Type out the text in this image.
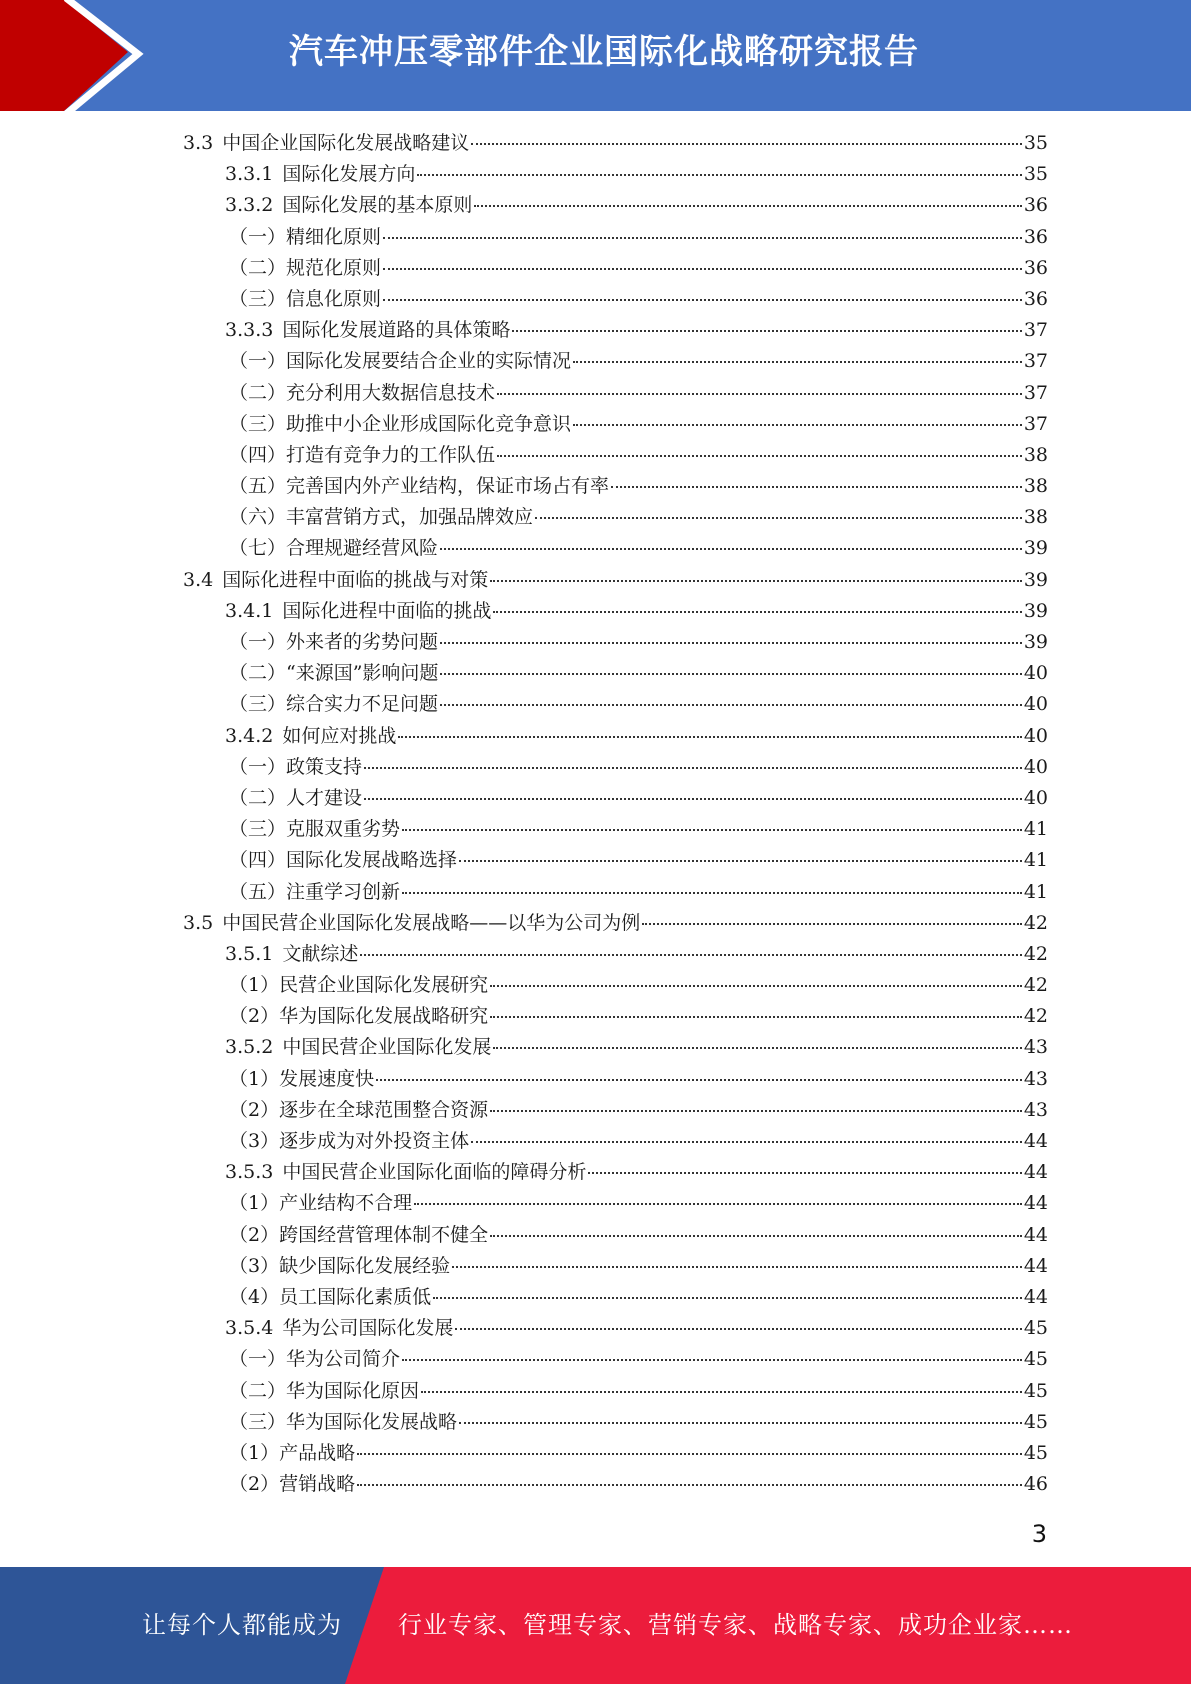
汽车冲压零部件企业国际化战略研究报告
3.3 中国企业国际化发展战略建议	35
3.3.1 国际化发展方向	35
3.3.2 国际化发展的基本原则	36
（一）精细化原则	36
（二）规范化原则	36
（三）信息化原则	36
3.3.3 国际化发展道路的具体策略	37
（一）国际化发展要结合企业的实际情况	37
（二）充分利用大数据信息技术	37
（三）助推中小企业形成国际化竞争意识	37
（四）打造有竞争力的工作队伍	38
（五）完善国内外产业结构，保证市场占有率	38
（六）丰富营销方式，加强品牌效应	38
（七）合理规避经营风险	39
3.4 国际化进程中面临的挑战与对策	39
3.4.1 国际化进程中面临的挑战	39
（一）外来者的劣势问题	39
（二）“来源国”影响问题	40
（三）综合实力不足问题	40
3.4.2 如何应对挑战	40
（一）政策支持	40
（二）人才建设	40
（三）克服双重劣势	41
（四）国际化发展战略选择	41
（五）注重学习创新	41
3.5 中国民营企业国际化发展战略——以华为公司为例	42
3.5.1 文献综述	42
（1）民营企业国际化发展研究	42
（2）华为国际化发展战略研究	42
3.5.2 中国民营企业国际化发展	43
（1）发展速度快	43
（2）逐步在全球范围整合资源	43
（3）逐步成为对外投资主体	44
3.5.3 中国民营企业国际化面临的障碍分析	44
（1）产业结构不合理	44
（2）跨国经营管理体制不健全	44
（3）缺少国际化发展经验	44
（4）员工国际化素质低	44
3.5.4 华为公司国际化发展	45
（一）华为公司简介	45
（二）华为国际化原因	45
（三）华为国际化发展战略	45
（1）产品战略	45
（2）营销战略	46
3
让每个人都能成为 行业专家、管理专家、营销专家、战略专家、成功企业家……
